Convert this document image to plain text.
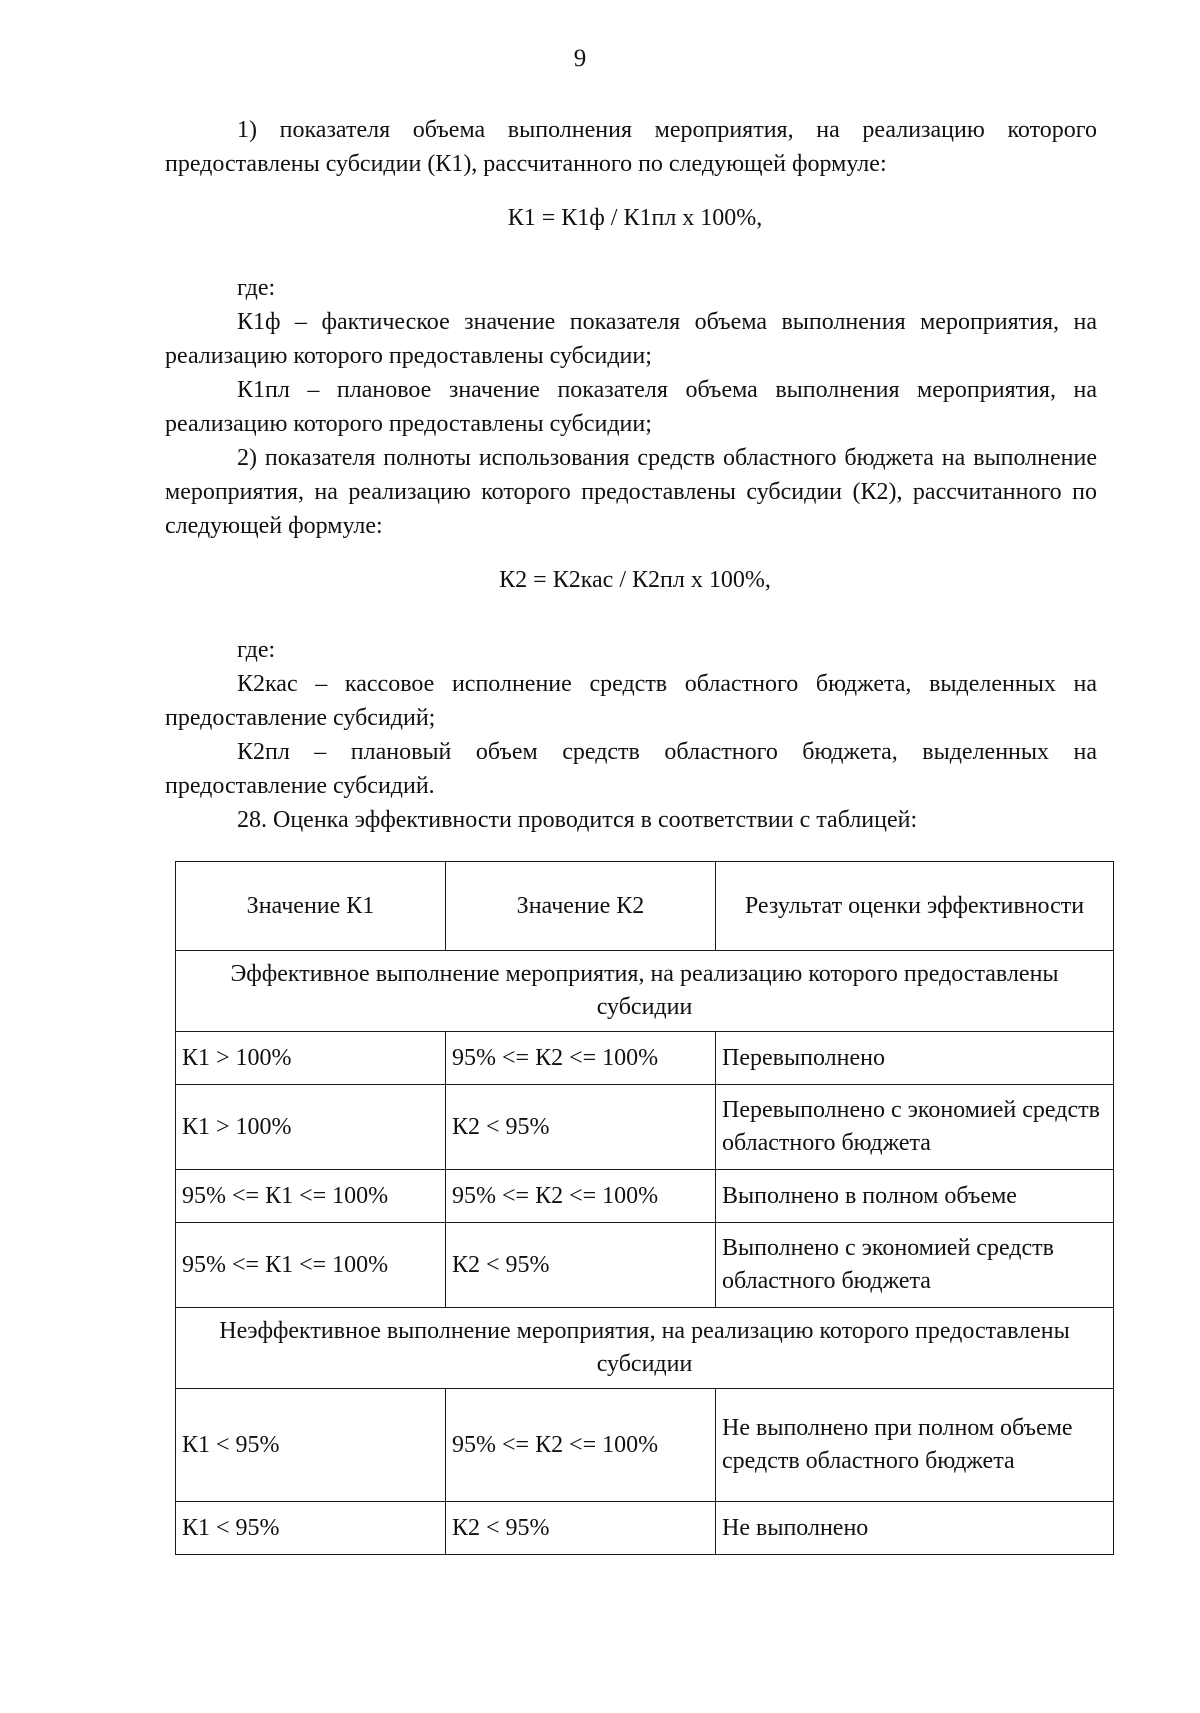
9

1) показателя объема выполнения мероприятия, на реализацию которого предоставлены субсидии (К1), рассчитанного по следующей формуле:

К1 = К1ф / К1пл х 100%,

где:

К1ф – фактическое значение показателя объема выполнения мероприятия, на реализацию которого предоставлены субсидии;

К1пл – плановое значение показателя объема выполнения мероприятия, на реализацию которого предоставлены субсидии;

2) показателя полноты использования средств областного бюджета на выполнение мероприятия, на реализацию которого предоставлены субсидии (К2), рассчитанного по следующей формуле:

К2 = К2кас / К2пл х 100%,

где:

К2кас – кассовое исполнение средств областного бюджета, выделенных на предоставление субсидий;

К2пл – плановый объем средств областного бюджета, выделенных на предоставление субсидий.

28. Оценка эффективности проводится в соответствии с таблицей:

Значение К1	Значение К2	Результат оценки эффективности
Эффективное выполнение мероприятия, на реализацию которого предоставлены субсидии		
К1 > 100%	95% <= К2 <= 100%	Перевыполнено
К1 > 100%	К2 < 95%	Перевыполнено с экономией средств областного бюджета
95% <= К1 <= 100%	95% <= К2 <= 100%	Выполнено в полном объеме
95% <= К1 <= 100%	К2 < 95%	Выполнено с экономией средств областного бюджета
Неэффективное выполнение мероприятия, на реализацию которого предоставлены субсидии		
К1 < 95%	95% <= К2 <= 100%	Не выполнено при полном объеме средств областного бюджета
К1 < 95%	К2 < 95%	Не выполнено
